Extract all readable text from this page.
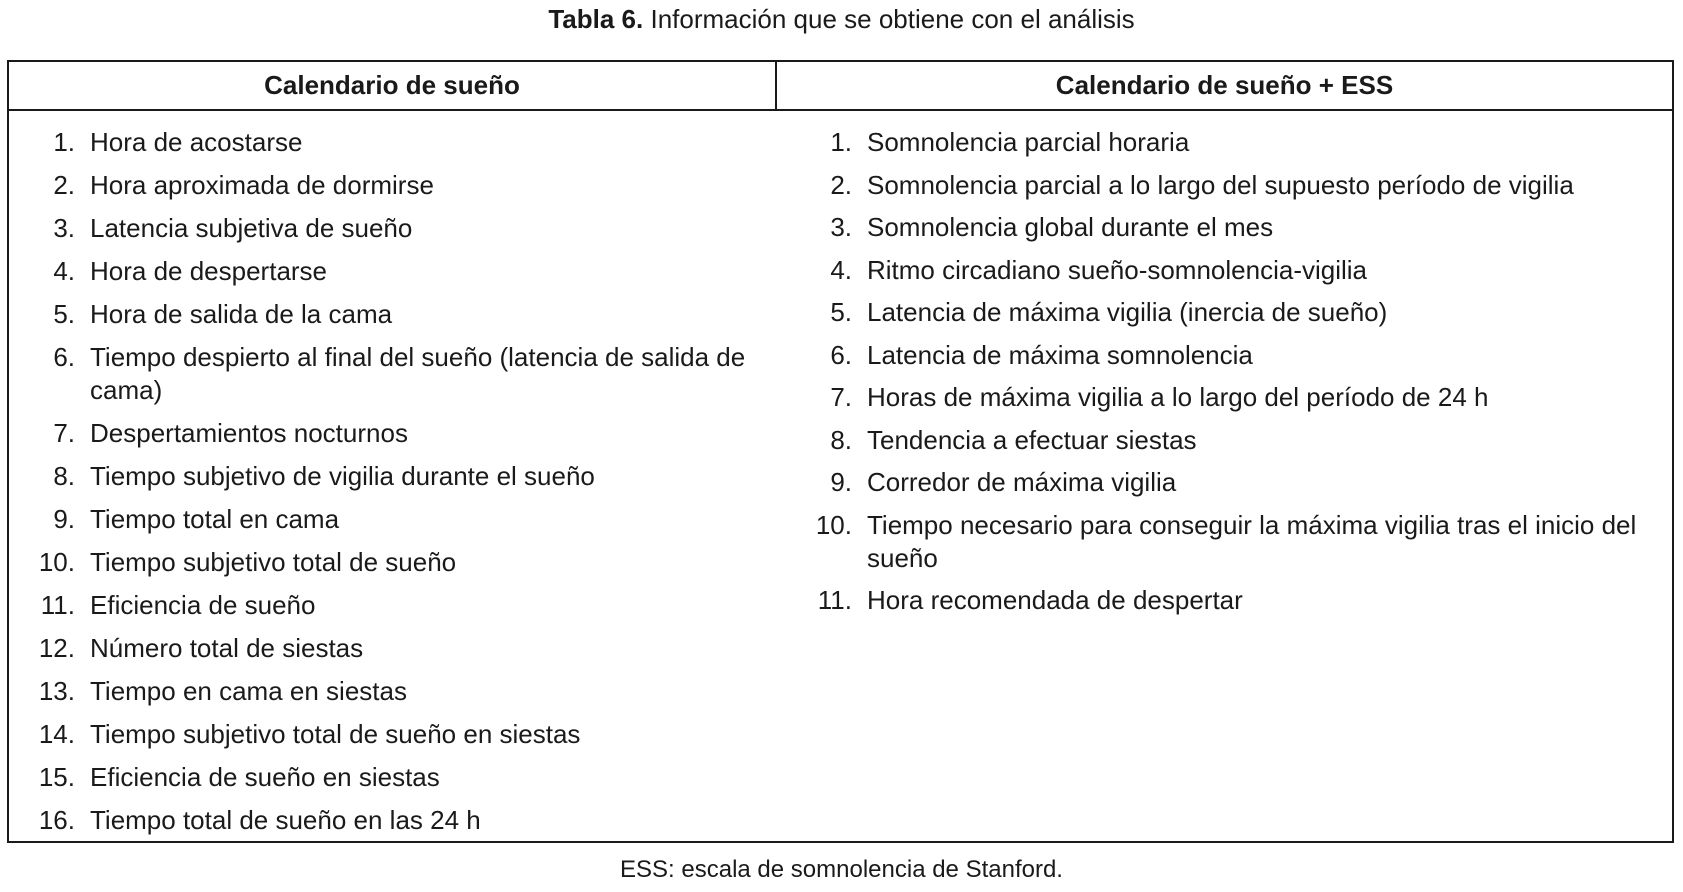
Tabla 6. Información que se obtiene con el análisis
Calendario de sueño	Calendario de sueño + ESS
1. Hora de acostarse
2. Hora aproximada de dormirse
3. Latencia subjetiva de sueño
4. Hora de despertarse
5. Hora de salida de la cama
6. Tiempo despierto al final del sueño (latencia de salida de cama)
7. Despertamientos nocturnos
8. Tiempo subjetivo de vigilia durante el sueño
9. Tiempo total en cama
10. Tiempo subjetivo total de sueño
11. Eficiencia de sueño
12. Número total de siestas
13. Tiempo en cama en siestas
14. Tiempo subjetivo total de sueño en siestas
15. Eficiencia de sueño en siestas
16. Tiempo total de sueño en las 24 h
1. Somnolencia parcial horaria
2. Somnolencia parcial a lo largo del supuesto período de vigilia
3. Somnolencia global durante el mes
4. Ritmo circadiano sueño-somnolencia-vigilia
5. Latencia de máxima vigilia (inercia de sueño)
6. Latencia de máxima somnolencia
7. Horas de máxima vigilia a lo largo del período de 24 h
8. Tendencia a efectuar siestas
9. Corredor de máxima vigilia
10. Tiempo necesario para conseguir la máxima vigilia tras el inicio del sueño
11. Hora recomendada de despertar
ESS: escala de somnolencia de Stanford.
